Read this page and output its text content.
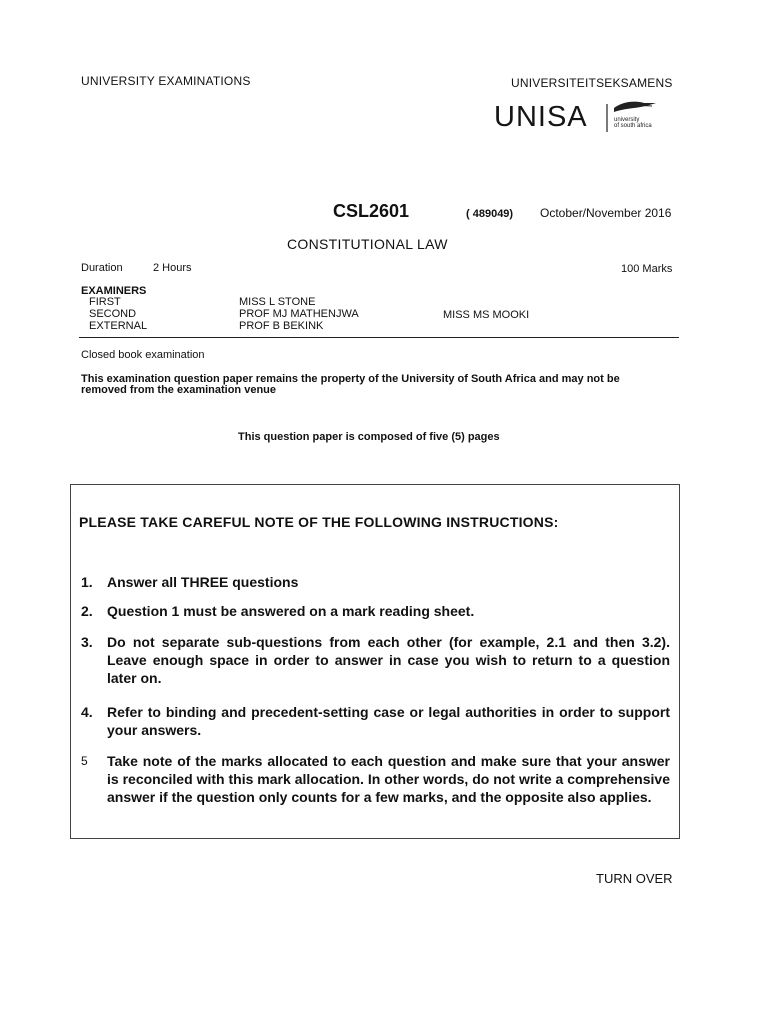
UNIVERSITY EXAMINATIONS	UNIVERSITEITSEKSAMENS
UNISA	university
of south africa
CSL2601	( 489049) October/November 2016
CONSTITUTIONAL LAW
Duration	2 Hours	100 Marks
EXAMINERS
FIRST	MISS L STONE
SECOND	PROF MJ MATHENJWA	MISS MS MOOKI
EXTERNAL	PROF B BEKINK
Closed book examination
This examination question paper remains the property of the University of South Africa and may not be
removed from the examination venue
This question paper is composed of five (5) pages
PLEASE TAKE CAREFUL NOTE OF THE FOLLOWING INSTRUCTIONS:
1. Answer all THREE questions
2. Question 1 must be answered on a mark reading sheet.
3. Do not separate sub-questions from each other (for example, 2.1 and then 3.2). Leave enough space in order to answer in case you wish to return to a question later on.
4. Refer to binding and precedent-setting case or legal authorities in order to support your answers.
5 Take note of the marks allocated to each question and make sure that your answer is reconciled with this mark allocation. In other words, do not write a comprehensive answer if the question only counts for a few marks, and the opposite also applies.
TURN OVER
